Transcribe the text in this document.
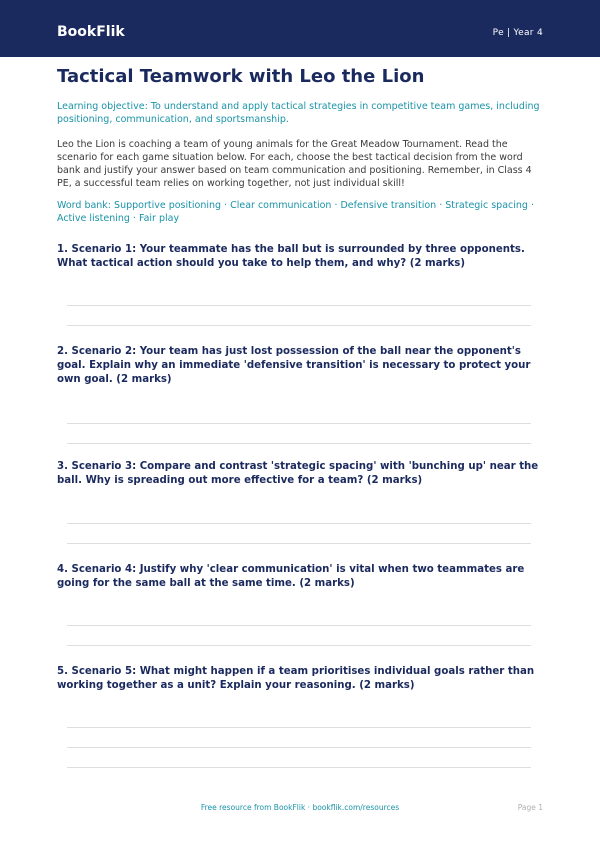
BookFlik	Pe | Year 4
Tactical Teamwork with Leo the Lion
Learning objective: To understand and apply tactical strategies in competitive team games, including positioning, communication, and sportsmanship.
Leo the Lion is coaching a team of young animals for the Great Meadow Tournament. Read the scenario for each game situation below. For each, choose the best tactical decision from the word bank and justify your answer based on team communication and positioning. Remember, in Class 4 PE, a successful team relies on working together, not just individual skill!
Word bank: Supportive positioning · Clear communication · Defensive transition · Strategic spacing · Active listening · Fair play
1. Scenario 1: Your teammate has the ball but is surrounded by three opponents. What tactical action should you take to help them, and why? (2 marks)
2. Scenario 2: Your team has just lost possession of the ball near the opponent's goal. Explain why an immediate 'defensive transition' is necessary to protect your own goal. (2 marks)
3. Scenario 3: Compare and contrast 'strategic spacing' with 'bunching up' near the ball. Why is spreading out more effective for a team? (2 marks)
4. Scenario 4: Justify why 'clear communication' is vital when two teammates are going for the same ball at the same time. (2 marks)
5. Scenario 5: What might happen if a team prioritises individual goals rather than working together as a unit? Explain your reasoning. (2 marks)
Free resource from BookFlik · bookflik.com/resources	Page 1
